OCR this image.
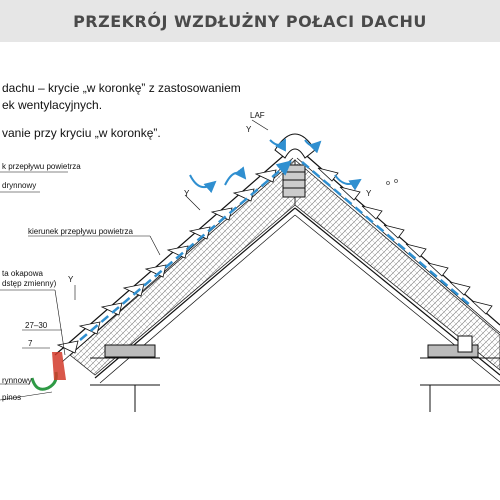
PRZEKRÓJ WZDŁUŻNY POŁACI DACHU
dachu – krycie „w koronkę” z zastosowaniem
ek wentylacyjnych.
vanie przy kryciu „w koronkę”.
LAF
k przepływu powietrza
drynnowy
kierunek przepływu powietrza
ta okapowa
dstęp zmienny)
27–30
7
Y
Y
Y
Y
rynnowy
pinos
